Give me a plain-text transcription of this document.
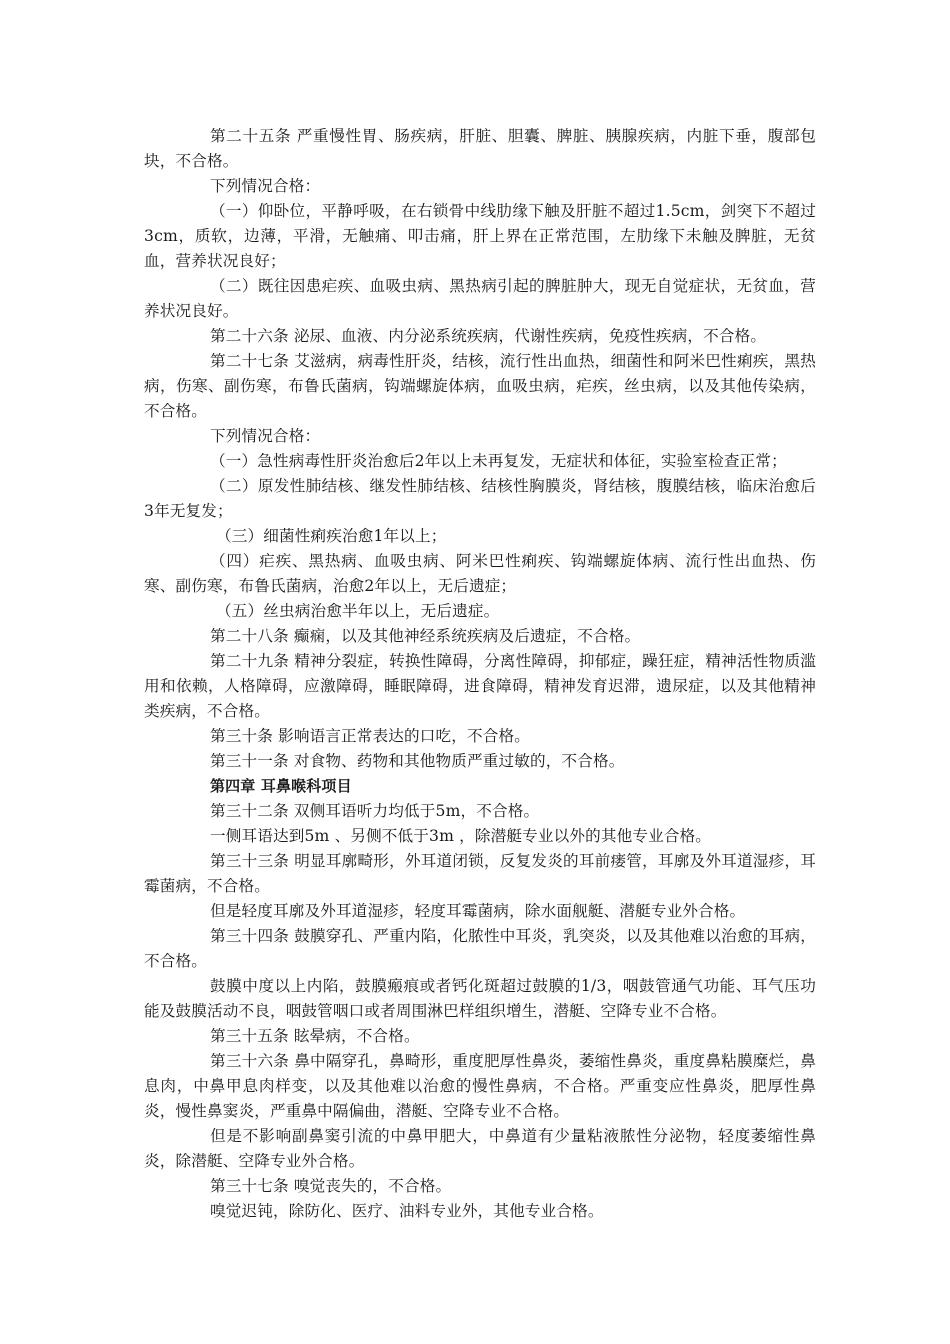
第二十五条 严重慢性胃、肠疾病，肝脏、胆囊、脾脏、胰腺疾病，内脏下垂，腹部包块，不合格。

下列情况合格：

（一）仰卧位，平静呼吸，在右锁骨中线肋缘下触及肝脏不超过1.5cm，剑突下不超过3cm，质软，边薄，平滑，无触痛、叩击痛，肝上界在正常范围，左肋缘下未触及脾脏，无贫血，营养状况良好；

（二）既往因患疟疾、血吸虫病、黑热病引起的脾脏肿大，现无自觉症状，无贫血，营养状况良好。

第二十六条 泌尿、血液、内分泌系统疾病，代谢性疾病，免疫性疾病，不合格。

第二十七条 艾滋病，病毒性肝炎，结核，流行性出血热，细菌性和阿米巴性痢疾，黑热病，伤寒、副伤寒，布鲁氏菌病，钩端螺旋体病，血吸虫病，疟疾，丝虫病，以及其他传染病，不合格。

下列情况合格：

（一）急性病毒性肝炎治愈后2年以上未再复发，无症状和体征，实验室检查正常；

（二）原发性肺结核、继发性肺结核、结核性胸膜炎，肾结核，腹膜结核，临床治愈后3年无复发；

（三）细菌性痢疾治愈1年以上；

（四）疟疾、黑热病、血吸虫病、阿米巴性痢疾、钩端螺旋体病、流行性出血热、伤寒、副伤寒，布鲁氏菌病，治愈2年以上，无后遗症；

（五）丝虫病治愈半年以上，无后遗症。

第二十八条 癫痫，以及其他神经系统疾病及后遗症，不合格。

第二十九条 精神分裂症，转换性障碍，分离性障碍，抑郁症，躁狂症，精神活性物质滥用和依赖，人格障碍，应激障碍，睡眠障碍，进食障碍，精神发育迟滞，遗尿症，以及其他精神类疾病，不合格。

第三十条 影响语言正常表达的口吃，不合格。

第三十一条 对食物、药物和其他物质严重过敏的，不合格。

第四章 耳鼻喉科项目

第三十二条 双侧耳语听力均低于5m，不合格。

一侧耳语达到5m 、另侧不低于3m ，除潜艇专业以外的其他专业合格。

第三十三条 明显耳廓畸形，外耳道闭锁，反复发炎的耳前瘘管，耳廓及外耳道湿疹，耳霉菌病，不合格。

但是轻度耳廓及外耳道湿疹，轻度耳霉菌病，除水面舰艇、潜艇专业外合格。

第三十四条 鼓膜穿孔、严重内陷，化脓性中耳炎，乳突炎，以及其他难以治愈的耳病，不合格。

鼓膜中度以上内陷，鼓膜瘢痕或者钙化斑超过鼓膜的1/3，咽鼓管通气功能、耳气压功能及鼓膜活动不良，咽鼓管咽口或者周围淋巴样组织增生，潜艇、空降专业不合格。

第三十五条 眩晕病，不合格。

第三十六条 鼻中隔穿孔，鼻畸形，重度肥厚性鼻炎，萎缩性鼻炎，重度鼻粘膜糜烂，鼻息肉，中鼻甲息肉样变，以及其他难以治愈的慢性鼻病，不合格。严重变应性鼻炎，肥厚性鼻炎，慢性鼻窦炎，严重鼻中隔偏曲，潜艇、空降专业不合格。

但是不影响副鼻窦引流的中鼻甲肥大，中鼻道有少量粘液脓性分泌物，轻度萎缩性鼻炎，除潜艇、空降专业外合格。

第三十七条 嗅觉丧失的，不合格。

嗅觉迟钝，除防化、医疗、油料专业外，其他专业合格。
